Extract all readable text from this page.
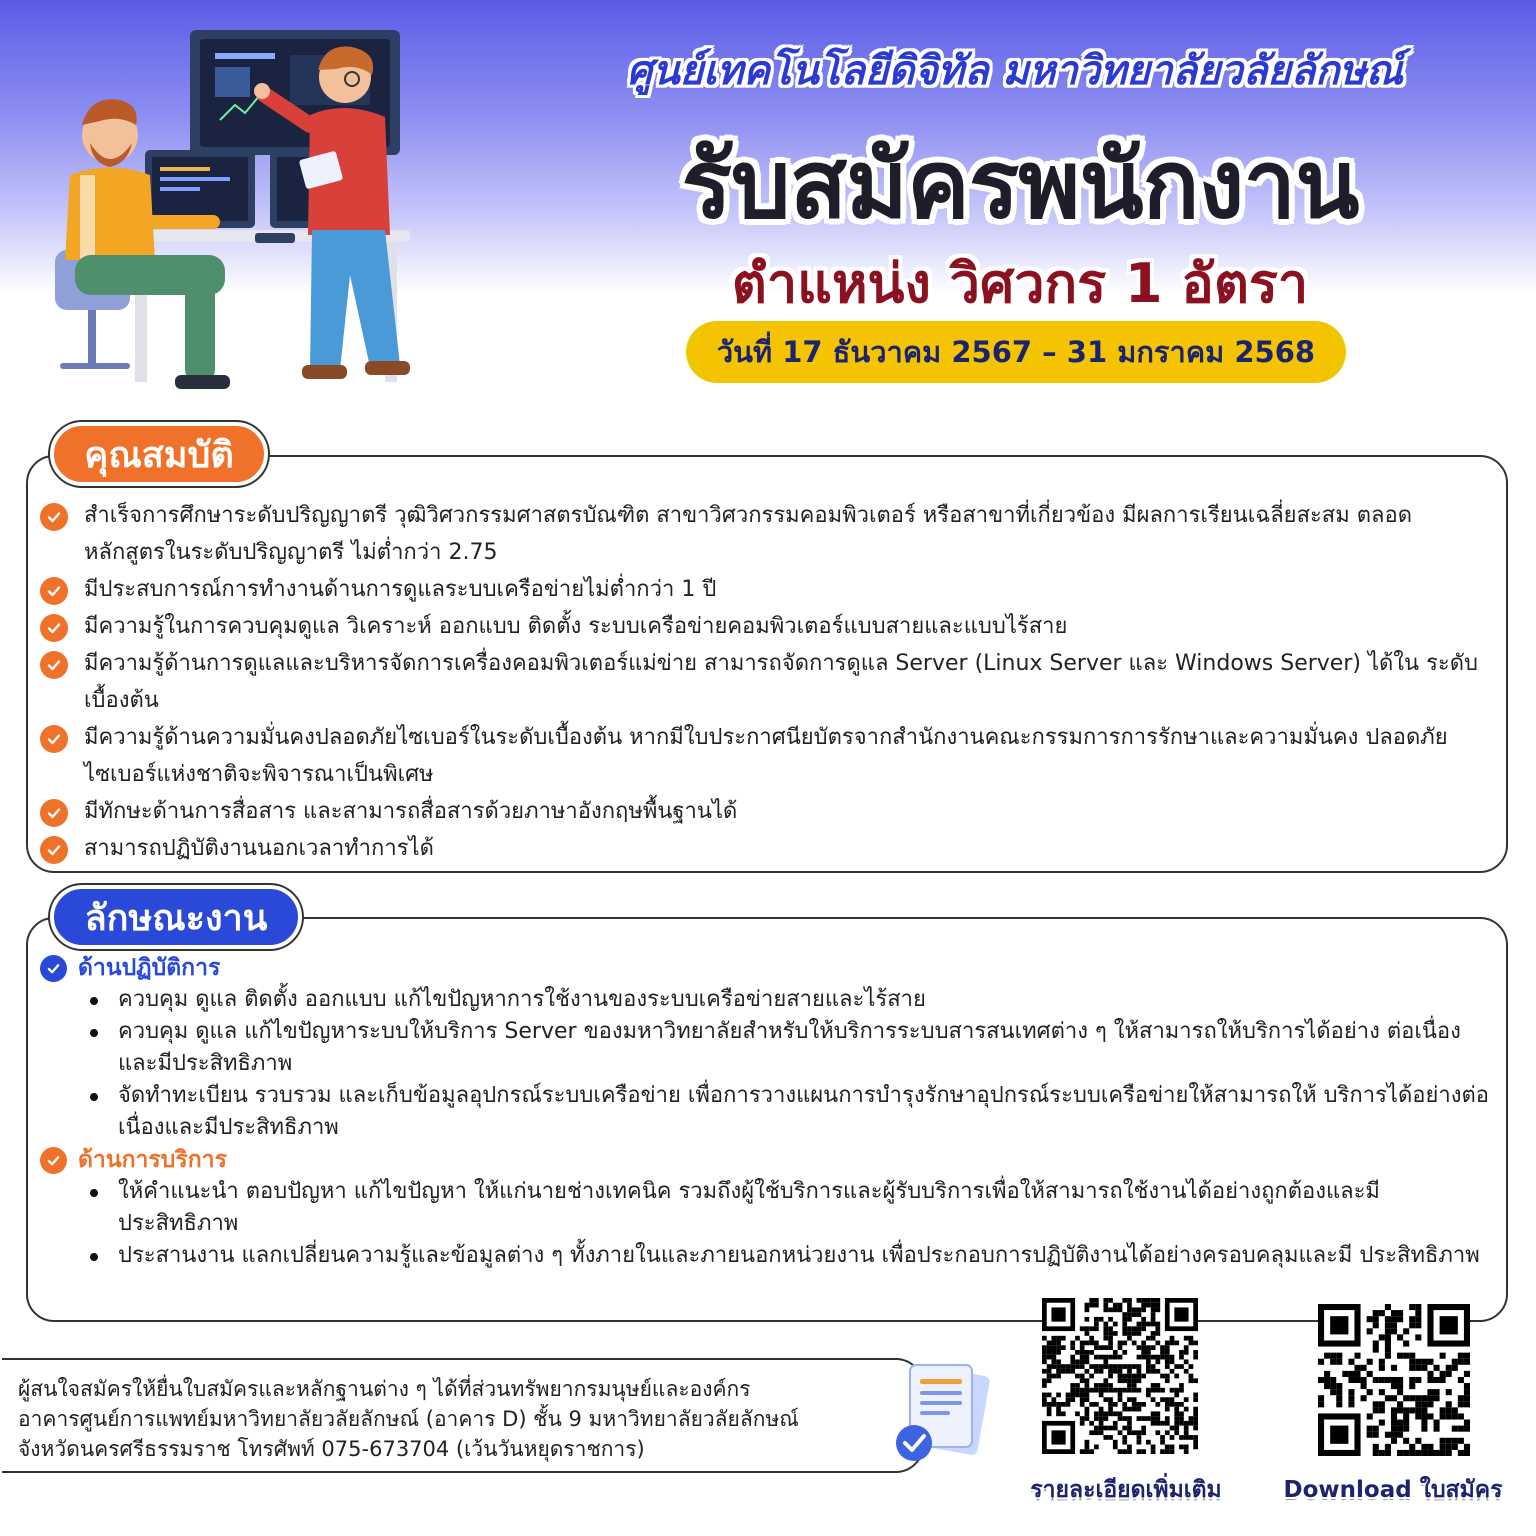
ศูนย์เทคโนโลยีดิจิทัล มหาวิทยาลัยวลัยลักษณ์
รับสมัครพนักงาน
ตำแหน่ง วิศวกร 1 อัตรา
วันที่ 17 ธันวาคม 2567 – 31 มกราคม 2568
คุณสมบัติ
สำเร็จการศึกษาระดับปริญญาตรี วุฒิวิศวกรรมศาสตรบัณฑิต สาขาวิศวกรรมคอมพิวเตอร์ หรือสาขาที่เกี่ยวข้อง มีผลการเรียนเฉลี่ยสะสม ตลอดหลักสูตรในระดับปริญญาตรี ไม่ต่ำกว่า 2.75
มีประสบการณ์การทำงานด้านการดูแลระบบเครือข่ายไม่ต่ำกว่า 1 ปี
มีความรู้ในการควบคุมดูแล วิเคราะห์ ออกแบบ ติดตั้ง ระบบเครือข่ายคอมพิวเตอร์แบบสายและแบบไร้สาย
มีความรู้ด้านการดูแลและบริหารจัดการเครื่องคอมพิวเตอร์แม่ข่าย สามารถจัดการดูแล Server (Linux Server และ Windows Server) ได้ใน ระดับเบื้องต้น
มีความรู้ด้านความมั่นคงปลอดภัยไซเบอร์ในระดับเบื้องต้น หากมีใบประกาศนียบัตรจากสำนักงานคณะกรรมการการรักษาและความมั่นคง ปลอดภัยไซเบอร์แห่งชาติจะพิจารณาเป็นพิเศษ
มีทักษะด้านการสื่อสาร และสามารถสื่อสารด้วยภาษาอังกฤษพื้นฐานได้
สามารถปฏิบัติงานนอกเวลาทำการได้
ลักษณะงาน
ด้านปฏิบัติการ
ควบคุม ดูแล ติดตั้ง ออกแบบ แก้ไขปัญหาการใช้งานของระบบเครือข่ายสายและไร้สาย
ควบคุม ดูแล แก้ไขปัญหาระบบให้บริการ Server ของมหาวิทยาลัยสำหรับให้บริการระบบสารสนเทศต่าง ๆ ให้สามารถให้บริการได้อย่าง ต่อเนื่องและมีประสิทธิภาพ
จัดทำทะเบียน รวบรวม และเก็บข้อมูลอุปกรณ์ระบบเครือข่าย เพื่อการวางแผนการบำรุงรักษาอุปกรณ์ระบบเครือข่ายให้สามารถให้ บริการได้อย่างต่อเนื่องและมีประสิทธิภาพ
ด้านการบริการ
ให้คำแนะนำ ตอบปัญหา แก้ไขปัญหา ให้แก่นายช่างเทคนิค รวมถึงผู้ใช้บริการและผู้รับบริการเพื่อให้สามารถใช้งานได้อย่างถูกต้องและมี ประสิทธิภาพ
ประสานงาน แลกเปลี่ยนความรู้และข้อมูลต่าง ๆ ทั้งภายในและภายนอกหน่วยงาน เพื่อประกอบการปฏิบัติงานได้อย่างครอบคลุมและมี ประสิทธิภาพ

ผู้สนใจสมัครให้ยื่นใบสมัครและหลักฐานต่าง ๆ ได้ที่ส่วนทรัพยากรมนุษย์และองค์กร

อาคารศูนย์การแพทย์มหาวิทยาลัยวลัยลักษณ์ (อาคาร D) ชั้น 9 มหาวิทยาลัยวลัยลักษณ์

จังหวัดนครศรีธรรมราช โทรศัพท์ 075-673704 (เว้นวันหยุดราชการ)

รายละเอียดเพิ่มเติม	Download ใบสมัคร
